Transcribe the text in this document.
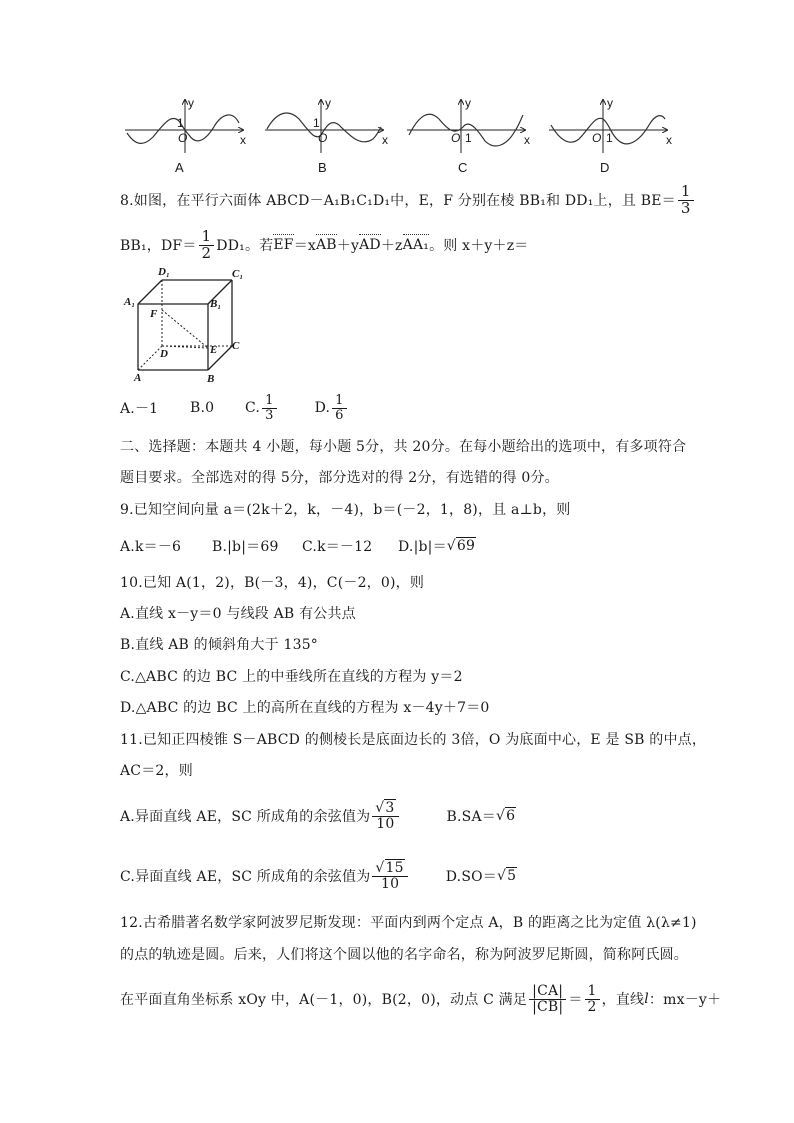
y
x
O
1
y
x
O
1
y
x
O 1
y
x
O 1
A	B	C	D
8.如图，在平行六面体 ABCD－A₁B₁C₁D₁中，E，F 分别在棱 BB₁和 DD₁上，且 $BE= \frac{1}{3}$
BB₁，$DF= \frac{1}{2} DD_1$。若 EF ＝x AB ＋y AD ＋z AA₁ 。则 x＋y＋z＝
D₁	C₁
A₁	B₁
F
D	E C
A	B
A.－1	B.0	C. $\frac{1}{3}$	D. $\frac{1}{6}$
二、选择题：本题共 4 小题，每小题 5分，共 20分。在每小题给出的选项中，有多项符合
题目要求。全部选对的得 5分，部分选对的得 2分，有选错的得 0分。
9.已知空间向量 a＝(2k＋2，k，－4)，b＝(－2，1，8)，且 a⊥b，则
A.k＝－6	B.|b|＝69	C.k＝－12	D.|b|＝ √69
10.已知 A(1，2)，B(－3，4)，C(－2，0)，则
A.直线 x－y＝0 与线段 AB 有公共点
B.直线 AB 的倾斜角大于 135°
C.△ABC 的边 BC 上的中垂线所在直线的方程为 y＝2
D.△ABC 的边 BC 上的高所在直线的方程为 x－4y＋7＝0
11.已知正四棱锥 S－ABCD 的侧棱长是底面边长的 3倍，O 为底面中心，E 是 SB 的中点，
AC＝2，则
A.异面直线 AE，SC 所成角的余弦值为 $\frac{√3}{10}$	B.SA＝ √6
C.异面直线 AE，SC 所成角的余弦值为 $\frac{√15}{10}$	D.SO＝ √5
12.古希腊著名数学家阿波罗尼斯发现：平面内到两个定点 A，B 的距离之比为定值 λ(λ≠1)
的点的轨迹是圆。后来，人们将这个圆以他的名字命名，称为阿波罗尼斯圆，简称阿氏圆。
在平面直角坐标系 xOy 中，A(－1，0)，B(2，0)，动点 C 满足 $\frac{|CA|}{|CB|} = \frac{1}{2}$ ，直线 l ：mx－y＋
